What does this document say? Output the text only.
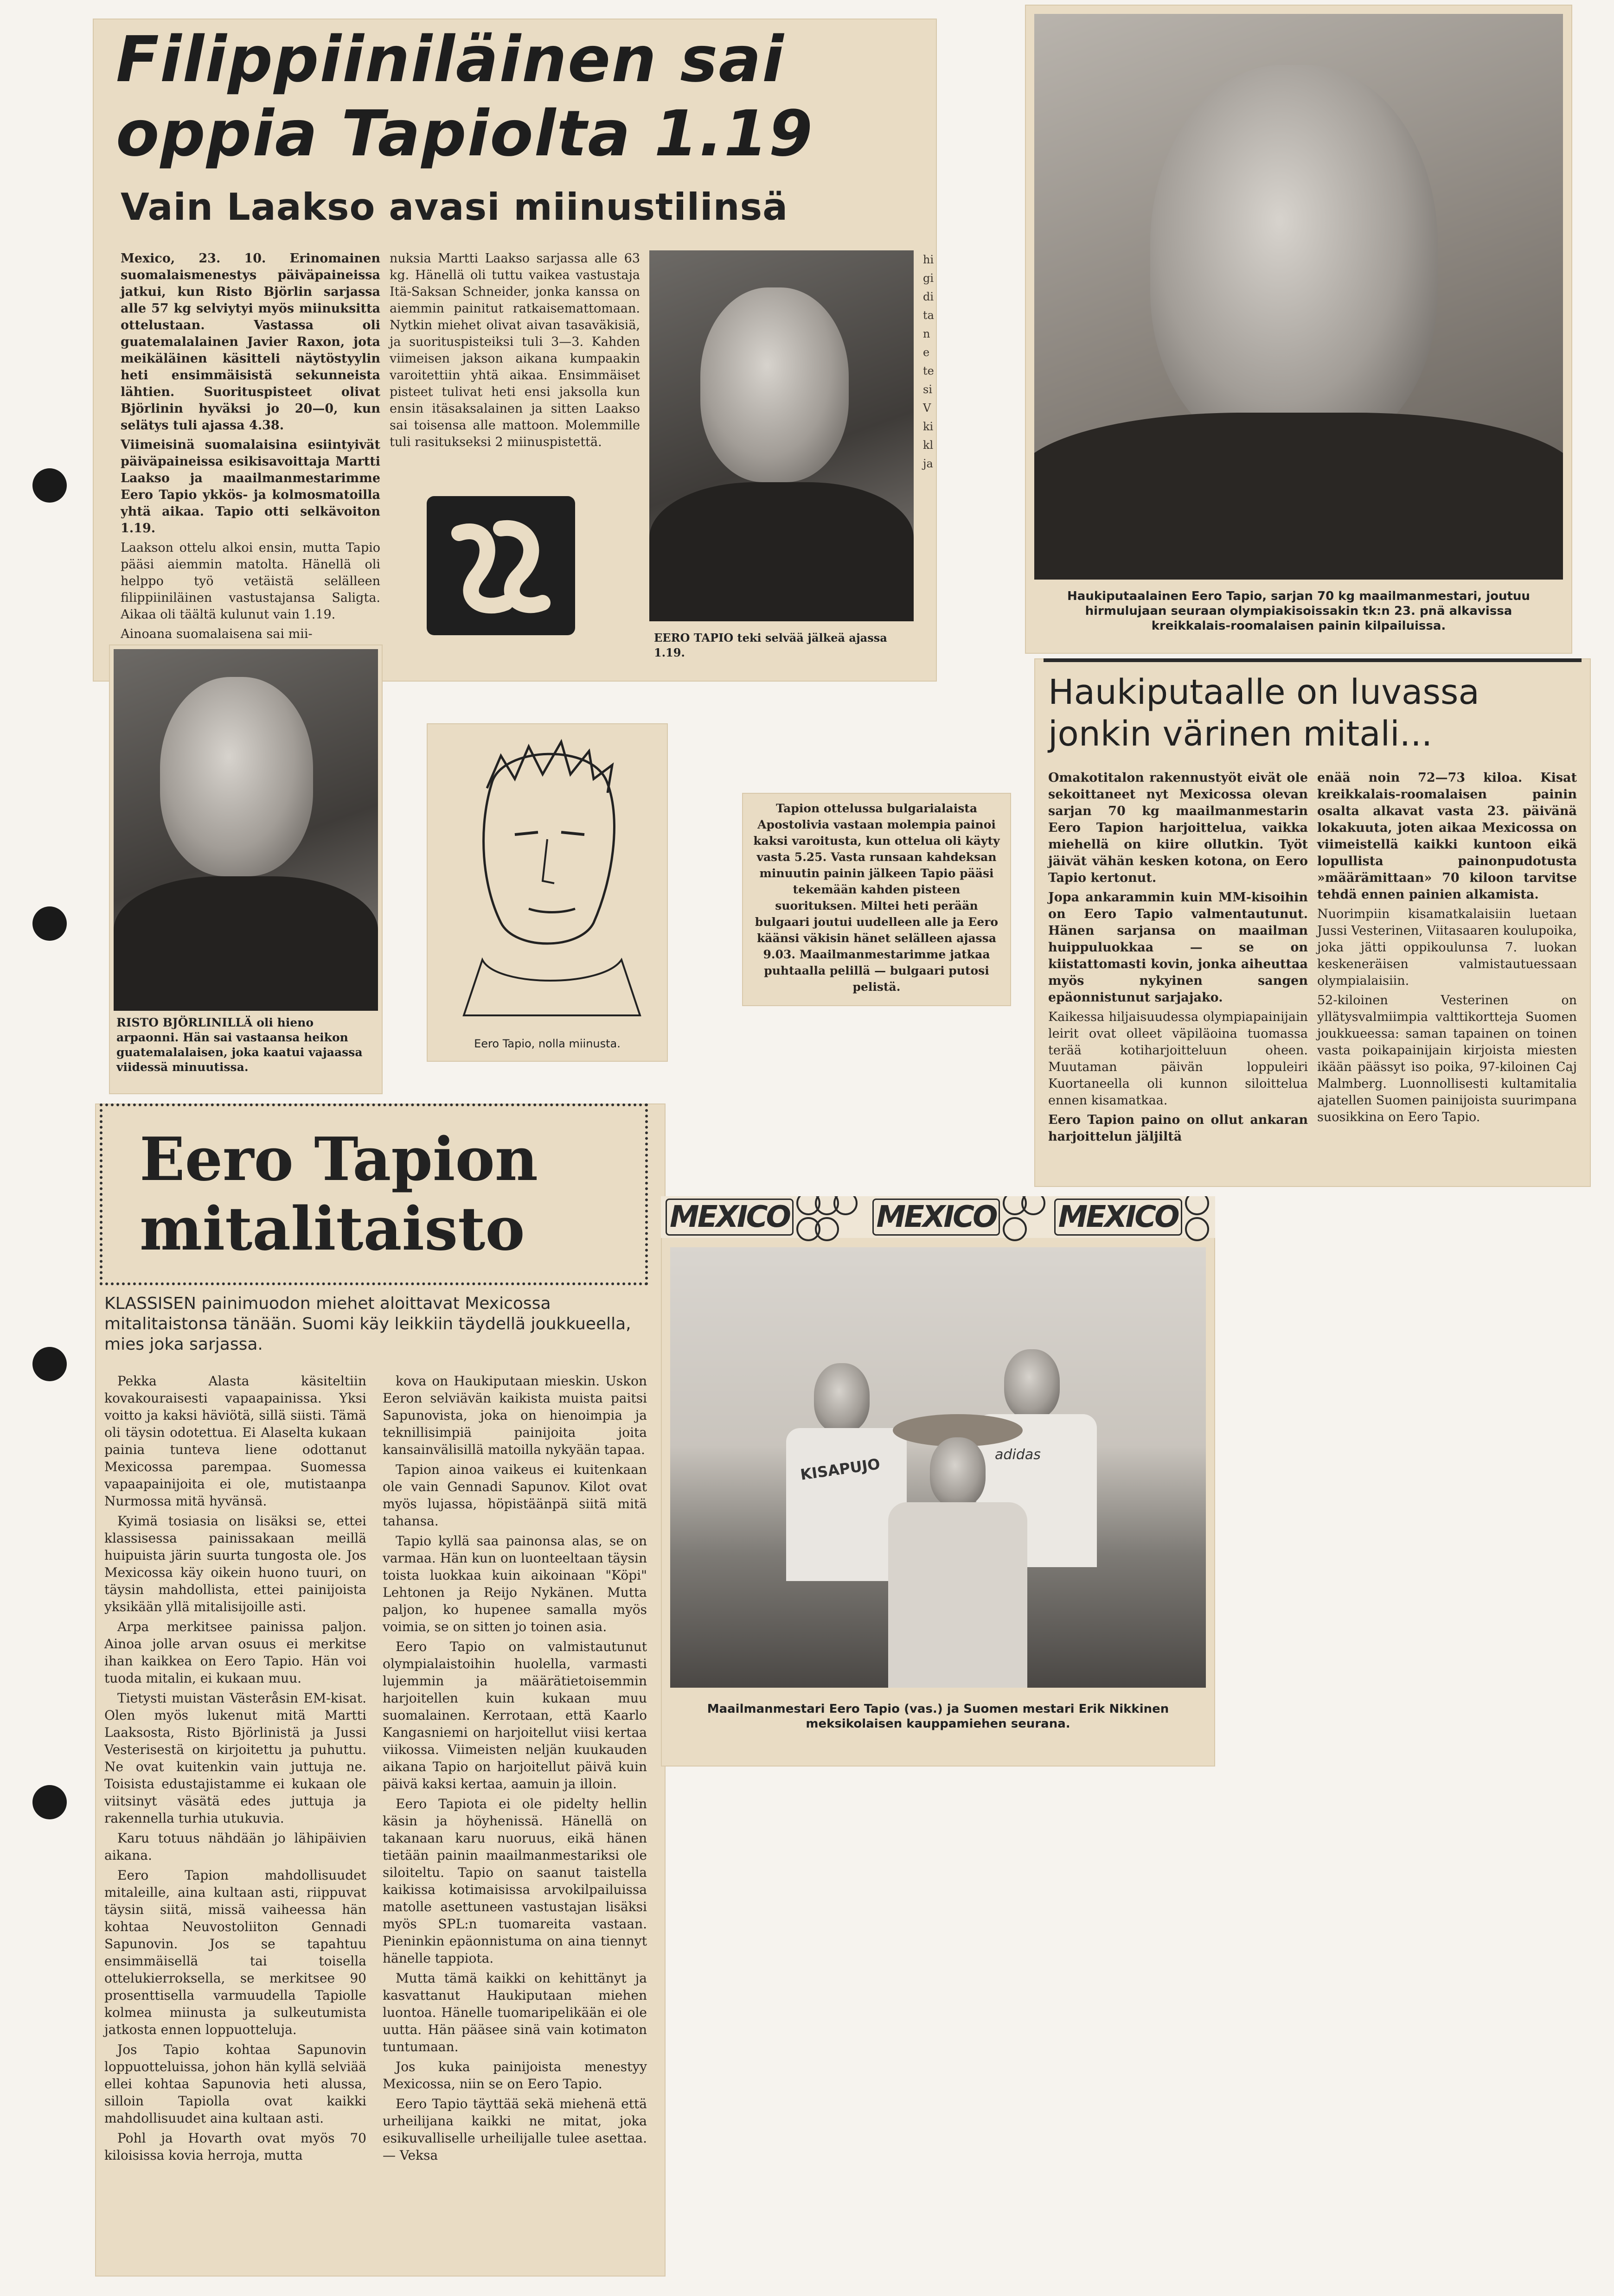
Filippiiniläinen sai
oppia Tapiolta 1.19
Vain Laakso avasi miinustilinsä

Mexico, 23. 10. Erinomainen suomalaismenestys päiväpaineissa jatkui, kun Risto Björlin sarjassa alle 57 kg selviytyi myös miinuksitta ottelustaan. Vastassa oli guatemalalainen Javier Raxon, jota meikäläinen käsitteli näytöstyylin heti ensimmäisistä sekunneista lähtien. Suorituspisteet olivat Björlinin hyväksi jo 20—0, kun selätys tuli ajassa 4.38.

Viimeisinä suomalaisina esiintyivät päiväpaineissa esikisavoittaja Martti Laakso ja maailmanmestarimme Eero Tapio ykkös- ja kolmosmatoilla yhtä aikaa. Tapio otti selkävoiton 1.19.

Laakson ottelu alkoi ensin, mutta Tapio pääsi aiemmin matolta. Hänellä oli helppo työ vetäistä selälleen filippiiniläinen vastustajansa Saligta. Aikaa oli täältä kulunut vain 1.19.

Ainoana suomalaisena sai mii-

nuksia Martti Laakso sarjassa alle 63 kg. Hänellä oli tuttu vaikea vastustaja Itä-Saksan Schneider, jonka kanssa on aiemmin painitut ratkaisemattomaan. Nytkin miehet olivat aivan tasaväkisiä, ja suorituspisteiksi tuli 3—3. Kahden viimeisen jakson aikana kumpaakin varoitettiin yhtä aikaa. Ensimmäiset pisteet tulivat heti ensi jaksolla kun ensin itäsaksalainen ja sitten Laakso sai toisensa alle mattoon. Molemmille tuli rasitukseksi 2 miinuspistettä.

EERO TAPIO teki selvää jälkeä ajassa 1.19.
hi gi di ta ne te si V ki kl ja
Haukiputaalainen Eero Tapio, sarjan 70 kg maailmanmestari, joutuu hirmulujaan seuraan olympiakisoissakin tk:n 23. pnä alkavissa kreikkalais-roomalaisen painin kilpailuissa.
Haukiputaalle on luvassa
jonkin värinen mitali...

Omakotitalon rakennustyöt eivät ole sekoittaneet nyt Mexicossa olevan sarjan 70 kg maailmanmestarin Eero Tapion harjoittelua, vaikka miehellä on kiire ollutkin. Työt jäivät vähän kesken kotona, on Eero Tapio kertonut.

Jopa ankarammin kuin MM-kisoihin on Eero Tapio valmentautunut. Hänen sarjansa on maailman huippuluokkaa — se on kiistattomasti kovin, jonka aiheuttaa myös nykyinen sangen epäonnistunut sarjajako.

Kaikessa hiljaisuudessa olympiapainijain leirit ovat olleet väpiläoina tuomassa terää kotiharjoitteluun oheen. Muutaman päivän loppuleiri Kuortaneella oli kunnon siloittelua ennen kisamatkaa.

Eero Tapion paino on ollut ankaran harjoittelun jäljiltä

enää noin 72—73 kiloa. Kisat kreikkalais-roomalaisen painin osalta alkavat vasta 23. päivänä lokakuuta, joten aikaa Mexicossa on viimeistellä kaikki kuntoon eikä lopullista painonpudotusta »määrämittaan» 70 kiloon tarvitse tehdä ennen painien alkamista.

Nuorimpiin kisamatkalaisiin luetaan Jussi Vesterinen, Viitasaaren koulupoika, joka jätti oppikoulunsa 7. luokan keskeneräisen valmistautuessaan olympialaisiin.

52-kiloinen Vesterinen on yllätysvalmiimpia valttikortteja Suomen joukkueessa: saman tapainen on toinen vasta poikapainijain kirjoista miesten ikään päässyt iso poika, 97-kiloinen Caj Malmberg. Luonnollisesti kultamitalia ajatellen Suomen painijoista suurimpana suosikkina on Eero Tapio.

RISTO BJÖRLINILLÄ oli hieno arpaonni. Hän sai vastaansa heikon guatemalalaisen, joka kaatui vajaassa viidessä minuutissa.
Eero Tapio, nolla miinusta.

Tapion ottelussa bulgarialaista Apostolivia vastaan molempia painoi kaksi varoitusta, kun ottelua oli käyty vasta 5.25. Vasta runsaan kahdeksan minuutin painin jälkeen Tapio pääsi tekemään kahden pisteen suorituksen. Miltei heti perään bulgaari joutui uudelleen alle ja Eero käänsi väkisin hänet selälleen ajassa 9.03. Maailmanmestarimme jatkaa puhtaalla pelillä — bulgaari putosi pelistä.

Eero Tapion
mitalitaisto

KLASSISEN painimuodon miehet aloittavat Mexicossa mitalitaistonsa tänään. Suomi käy leikkiin täydellä joukkueella, mies joka sarjassa.

Pekka Alasta käsiteltiin kovakouraisesti vapaapainissa. Yksi voitto ja kaksi häviötä, sillä siisti. Tämä oli täysin odotettua. Ei Alaselta kukaan painia tunteva liene odottanut Mexicossa parempaa. Suomessa vapaapainijoita ei ole, mutistaanpa Nurmossa mitä hyvänsä.

Kyimä tosiasia on lisäksi se, ettei klassisessa painissakaan meillä huipuista järin suurta tungosta ole. Jos Mexicossa käy oikein huono tuuri, on täysin mahdollista, ettei painijoista yksikään yllä mitalisijoille asti.

Arpa merkitsee painissa paljon. Ainoa jolle arvan osuus ei merkitse ihan kaikkea on Eero Tapio. Hän voi tuoda mitalin, ei kukaan muu.

Tietysti muistan Västeråsin EM-kisat. Olen myös lukenut mitä Martti Laaksosta, Risto Björlinistä ja Jussi Vesterisestä on kirjoitettu ja puhuttu. Ne ovat kuitenkin vain juttuja ne. Toisista edustajistamme ei kukaan ole viitsinyt väsätä edes juttuja ja rakennella turhia utukuvia.

Karu totuus nähdään jo lähipäivien aikana.

Eero Tapion mahdollisuudet mitaleille, aina kultaan asti, riippuvat täysin siitä, missä vaiheessa hän kohtaa Neuvostoliiton Gennadi Sapunovin. Jos se tapahtuu ensimmäisellä tai toisella ottelukierroksella, se merkitsee 90 prosenttisella varmuudella Tapiolle kolmea miinusta ja sulkeutumista jatkosta ennen loppuotteluja.

Jos Tapio kohtaa Sapunovin loppuotteluissa, johon hän kyllä selviää ellei kohtaa Sapunovia heti alussa, silloin Tapiolla ovat kaikki mahdollisuudet aina kultaan asti.

Pohl ja Hovarth ovat myös 70 kiloisissa kovia herroja, mutta

kova on Haukiputaan mieskin. Uskon Eeron selviävän kaikista muista paitsi Sapunovista, joka on hienoimpia ja teknillisimpiä painijoita joita kansainvälisillä matoilla nykyään tapaa.

Tapion ainoa vaikeus ei kuitenkaan ole vain Gennadi Sapunov. Kilot ovat myös lujassa, höpistäänpä siitä mitä tahansa.

Tapio kyllä saa painonsa alas, se on varmaa. Hän kun on luonteeltaan täysin toista luokkaa kuin aikoinaan "Köpi" Lehtonen ja Reijo Nykänen. Mutta paljon, ko hupenee samalla myös voimia, se on sitten jo toinen asia.

Eero Tapio on valmistautunut olympialaistoihin huolella, varmasti lujemmin ja määrätietoisemmin harjoitellen kuin kukaan muu suomalainen. Kerrotaan, että Kaarlo Kangasniemi on harjoitellut viisi kertaa viikossa. Viimeisten neljän kuukauden aikana Tapio on harjoitellut päivä kuin päivä kaksi kertaa, aamuin ja illoin.

Eero Tapiota ei ole pidelty hellin käsin ja höyhenissä. Hänellä on takanaan karu nuoruus, eikä hänen tietään painin maailmanmestariksi ole siloiteltu. Tapio on saanut taistella kaikissa kotimaisissa arvokilpailuissa matolle asettuneen vastustajan lisäksi myös SPL:n tuomareita vastaan. Pieninkin epäonnistuma on aina tiennyt hänelle tappiota.

Mutta tämä kaikki on kehittänyt ja kasvattanut Haukiputaan miehen luontoa. Hänelle tuomaripelikään ei ole uutta. Hän pääsee sinä vain kotimaton tuntumaan.

Jos kuka painijoista menestyy Mexicossa, niin se on Eero Tapio.

Eero Tapio täyttää sekä miehenä että urheilijana kaikki ne mitat, joka esikuvalliselle urheilijalle tulee asettaa. — Veksa

MEXICO	MEXICO MEXICO
KISAPUJO
adidas
Maailmanmestari Eero Tapio (vas.) ja Suomen mestari Erik Nikkinen meksikolaisen kauppamiehen seurana.
